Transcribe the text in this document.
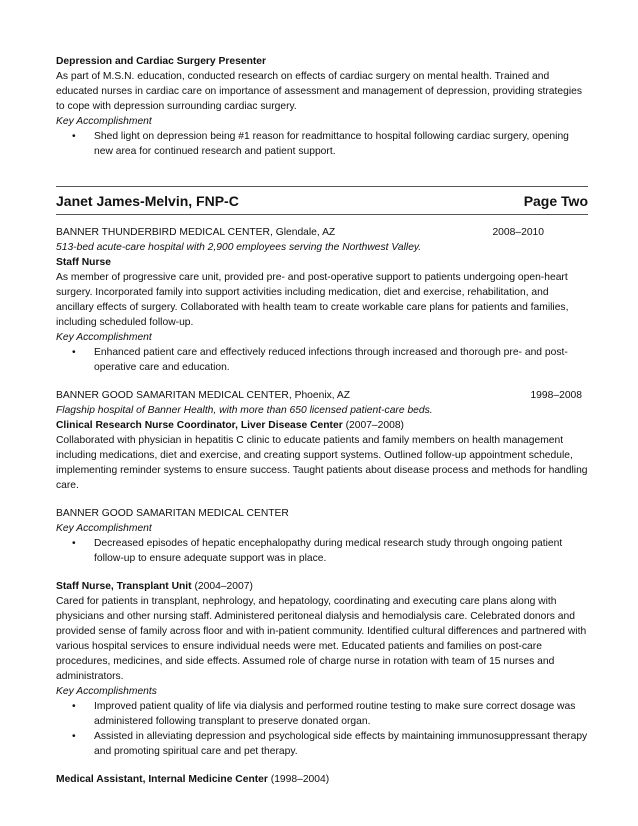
Depression and Cardiac Surgery Presenter

As part of M.S.N. education, conducted research on effects of cardiac surgery on mental health. Trained and educated nurses in cardiac care on importance of assessment and management of depression, providing strategies to cope with depression surrounding cardiac surgery.

Key Accomplishment

• Shed light on depression being #1 reason for readmittance to hospital following cardiac surgery, opening new area for continued research and patient support.
Janet James-Melvin, FNP-C	Page Two
BANNER THUNDERBIRD MEDICAL CENTER, Glendale, AZ	2008–2010

513-bed acute-care hospital with 2,900 employees serving the Northwest Valley.

Staff Nurse

As member of progressive care unit, provided pre- and post-operative support to patients undergoing open-heart surgery. Incorporated family into support activities including medication, diet and exercise, rehabilitation, and ancillary effects of surgery. Collaborated with health team to create workable care plans for patients and families, including scheduled follow-up.

Key Accomplishment

• Enhanced patient care and effectively reduced infections through increased and thorough pre- and post-operative care and education.
BANNER GOOD SAMARITAN MEDICAL CENTER, Phoenix, AZ	1998–2008

Flagship hospital of Banner Health, with more than 650 licensed patient-care beds.

Clinical Research Nurse Coordinator, Liver Disease Center (2007–2008)

Collaborated with physician in hepatitis C clinic to educate patients and family members on health management including medications, diet and exercise, and creating support systems. Outlined follow-up appointment schedule, implementing reminder systems to ensure success. Taught patients about disease process and methods for handling care.

BANNER GOOD SAMARITAN MEDICAL CENTER

Key Accomplishment

• Decreased episodes of hepatic encephalopathy during medical research study through ongoing patient follow-up to ensure adequate support was in place.

Staff Nurse, Transplant Unit (2004–2007)

Cared for patients in transplant, nephrology, and hepatology, coordinating and executing care plans along with physicians and other nursing staff. Administered peritoneal dialysis and hemodialysis care. Celebrated donors and provided sense of family across floor and with in-patient community. Identified cultural differences and partnered with various hospital services to ensure individual needs were met. Educated patients and families on post-care procedures, medicines, and side effects. Assumed role of charge nurse in rotation with team of 15 nurses and administrators.

Key Accomplishments

• Improved patient quality of life via dialysis and performed routine testing to make sure correct dosage was administered following transplant to preserve donated organ.
• Assisted in alleviating depression and psychological side effects by maintaining immunosuppressant therapy and promoting spiritual care and pet therapy.

Medical Assistant, Internal Medicine Center (1998–2004)
